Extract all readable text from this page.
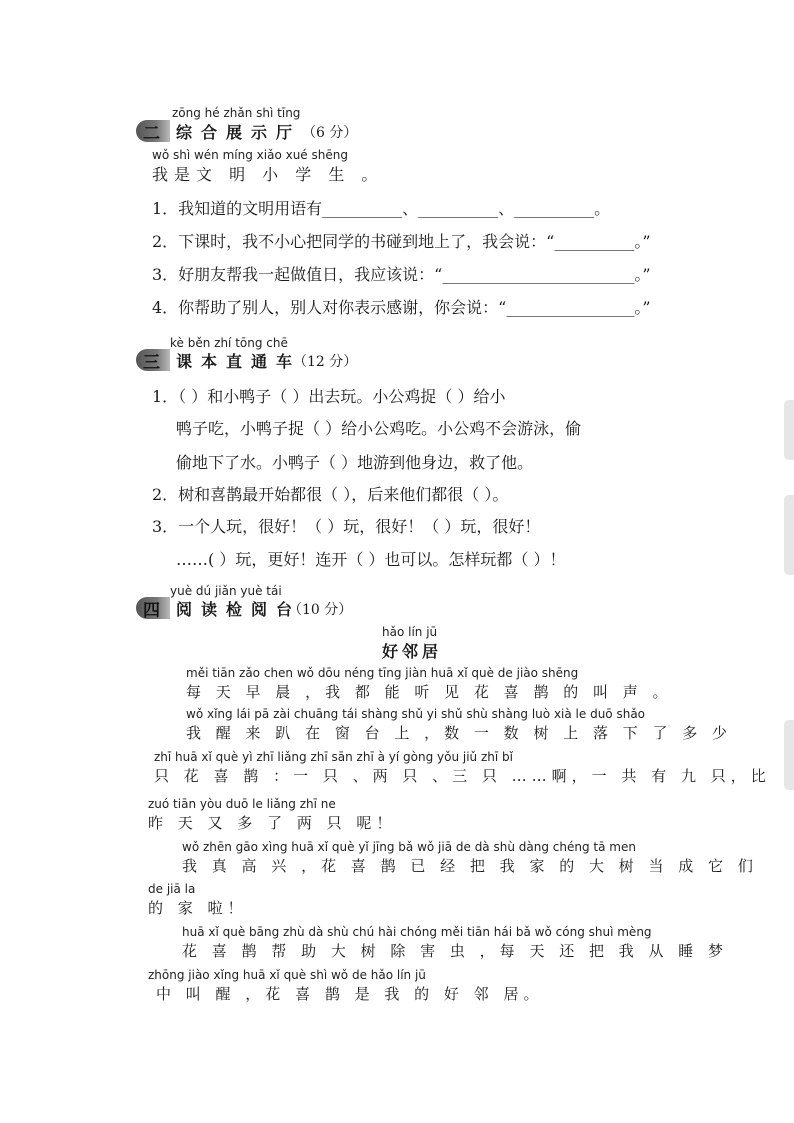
zōng hé zhǎn shì tīng
二 综合展示厅 （6 分）
wǒ shì wén míng xiǎo xué shēng
我是文 明 小 学 生 。
1．我知道的文明用语有__________、__________、__________。
2．下课时，我不小心把同学的书碰到地上了，我会说：“__________。”
3．好朋友帮我一起做值日，我应该说：“________________________。”
4．你帮助了别人，别人对你表示感谢，你会说：“________________。”
kè běn zhí tōng chē
三 课本直通车
（12 分）
1．（ ）和小鸭子（ ）出去玩。小公鸡捉（ ）给小
鸭子吃，小鸭子捉（ ）给小公鸡吃。小公鸡不会游泳，偷
偷地下了水。小鸭子（ ）地游到他身边，救了他。
2．树和喜鹊最开始都很（ ），后来他们都很（ ）。
3．一个人玩，很好！（ ）玩，很好！（ ）玩，很好！
……( ）玩，更好！连开（ ）也可以。怎样玩都（ ）！
yuè dú jiǎn yuè tái
四 阅读检阅台
（10 分）
hǎo lín jū
好邻居
měi tiān zǎo chen wǒ dōu néng tīng jiàn huā xǐ què de jiào shēng
每 天 早 晨 ，我 都 能 听 见 花 喜 鹊 的 叫 声 。
wǒ xǐng lái pā zài chuāng tái shàng shǔ yi shǔ shù shàng luò xià le duō shǎo
我 醒 来 趴 在 窗 台 上 ，数 一 数 树 上 落 下 了 多 少
zhī huā xǐ què yì zhī liǎng zhī sān zhī à yí gòng yǒu jiǔ zhī bǐ
只 花 喜 鹊 ：一 只 、两 只 、三 只 ……啊，一 共 有 九 只，比
zuó tiān yòu duō le liǎng zhī ne
昨 天 又 多 了 两 只 呢！
wǒ zhēn gāo xìng huā xǐ què yǐ jīng bǎ wǒ jiā de dà shù dàng chéng tā men
我 真 高 兴 ，花 喜 鹊 已 经 把 我 家 的 大 树 当 成 它 们
de jiā la
的 家 啦！
huā xǐ què bāng zhù dà shù chú hài chóng měi tiān hái bǎ wǒ cóng shuì mèng
花 喜 鹊 帮 助 大 树 除 害 虫 ，每 天 还 把 我 从 睡 梦
zhōng jiào xǐng huā xǐ què shì wǒ de hǎo lín jū
中 叫 醒 ，花 喜 鹊 是 我 的 好 邻 居。
